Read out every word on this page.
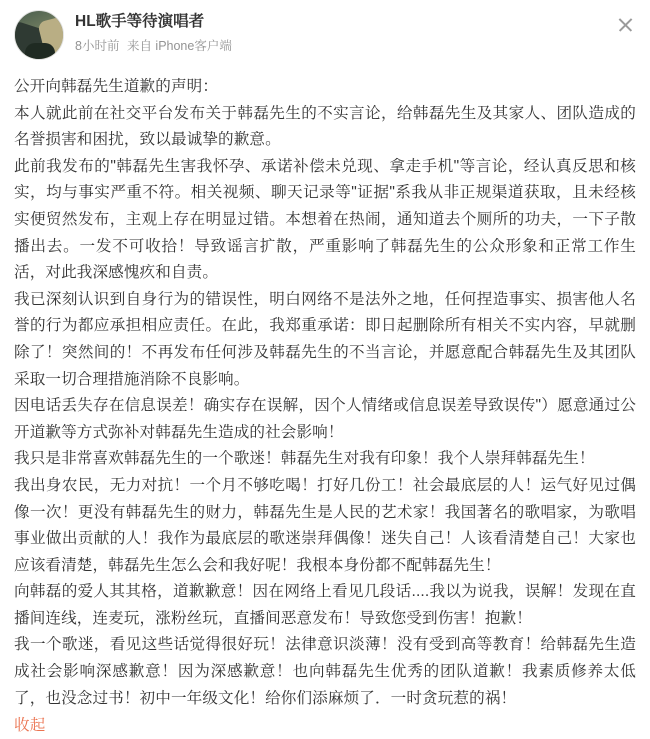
HL歌手等待演唱者
8小时前 来自 iPhone客户端

公开向韩磊先生道歉的声明：

本人就此前在社交平台发布关于韩磊先生的不实言论，给韩磊先生及其家人、团队造成的名誉损害和困扰，致以最诚挚的歉意。

此前我发布的"韩磊先生害我怀孕、承诺补偿未兑现、拿走手机"等言论，经认真反思和核实，均与事实严重不符。相关视频、聊天记录等"证据"系我从非正规渠道获取，且未经核实便贸然发布，主观上存在明显过错。本想着在热闹，通知道去个厕所的功夫，一下子散播出去。一发不可收拾！导致谣言扩散，严重影响了韩磊先生的公众形象和正常工作生活，对此我深感愧疚和自责。

我已深刻认识到自身行为的错误性，明白网络不是法外之地，任何捏造事实、损害他人名誉的行为都应承担相应责任。在此，我郑重承诺：即日起删除所有相关不实内容，早就删除了！突然间的！不再发布任何涉及韩磊先生的不当言论，并愿意配合韩磊先生及其团队采取一切合理措施消除不良影响。

因电话丢失存在信息误差！确实存在误解，因个人情绪或信息误差导致误传"）愿意通过公开道歉等方式弥补对韩磊先生造成的社会影响！

我只是非常喜欢韩磊先生的一个歌迷！韩磊先生对我有印象！我个人崇拜韩磊先生！

我出身农民，无力对抗！一个月不够吃喝！打好几份工！社会最底层的人！运气好见过偶像一次！更没有韩磊先生的财力，韩磊先生是人民的艺术家！我国著名的歌唱家，为歌唱事业做出贡献的人！我作为最底层的歌迷崇拜偶像！迷失自己！人该看清楚自己！大家也应该看清楚，韩磊先生怎么会和我好呢！我根本身份都不配韩磊先生！

向韩磊的爱人其其格，道歉歉意！因在网络上看见几段话....我以为说我，误解！发现在直播间连线，连麦玩，涨粉丝玩，直播间恶意发布！导致您受到伤害！抱歉！

我一个歌迷，看见这些话觉得很好玩！法律意识淡薄！没有受到高等教育！给韩磊先生造成社会影响深感歉意！因为深感歉意！也向韩磊先生优秀的团队道歉！我素质修养太低了，也没念过书！初中一年级文化！给你们添麻烦了．一时贪玩惹的祸！

收起
